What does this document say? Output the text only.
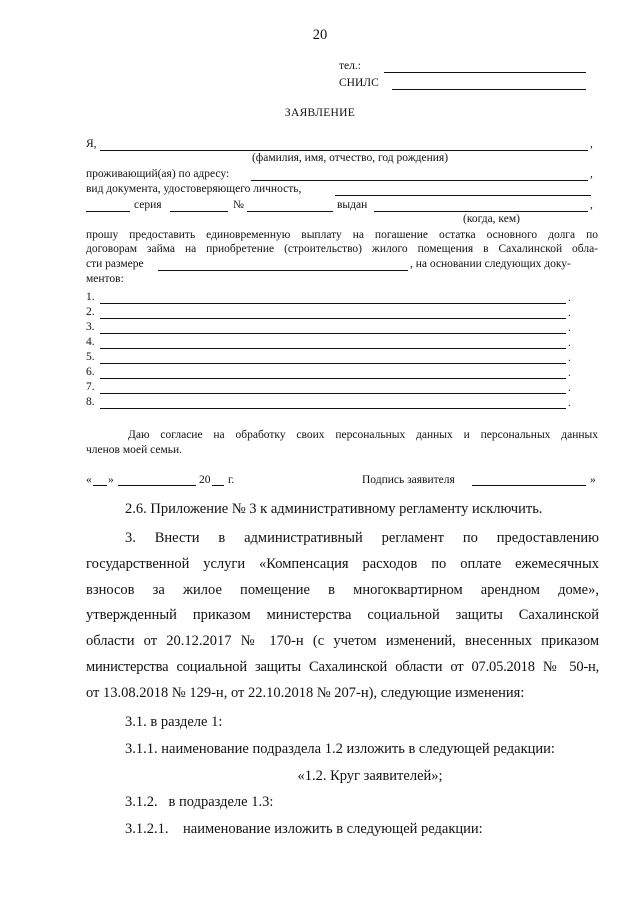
20
тел.:
СНИЛС
ЗАЯВЛЕНИЕ
Я,	,
(фамилия, имя, отчество, год рождения)
проживающий(ая) по адресу:	,
вид документа, удостоверяющего личность,
серия	№	выдан	,
(когда, кем)
прошу предоставить единовременную выплату на погашение остатка основного долга по
договорам займа на приобретение (строительство) жилого помещения в Сахалинской обла-
сти размере	, на основании следующих доку-
ментов:
1.	.
2.	.
3.	.
4.	.
5.	.
6.	.
7.	.
8.	.
Даю согласие на обработку своих персональных данных и персональных данных
членов моей семьи.
« »	20 г.	Подпись заявителя	»
2.6. Приложение № 3 к административному регламенту исключить.
3. Внести в административный регламент по предоставлению
государственной услуги «Компенсация расходов по оплате ежемесячных
взносов за жилое помещение в многоквартирном арендном доме»,
утвержденный приказом министерства социальной защиты Сахалинской
области от 20.12.2017 № 170-н (с учетом изменений, внесенных приказом
министерства социальной защиты Сахалинской области от 07.05.2018 № 50-н,
от 13.08.2018 № 129-н, от 22.10.2018 № 207-н), следующие изменения:
3.1. в разделе 1:
3.1.1. наименование подраздела 1.2 изложить в следующей редакции:
«1.2. Круг заявителей»;
3.1.2.   в подразделе 1.3:
3.1.2.1.    наименование изложить в следующей редакции:
